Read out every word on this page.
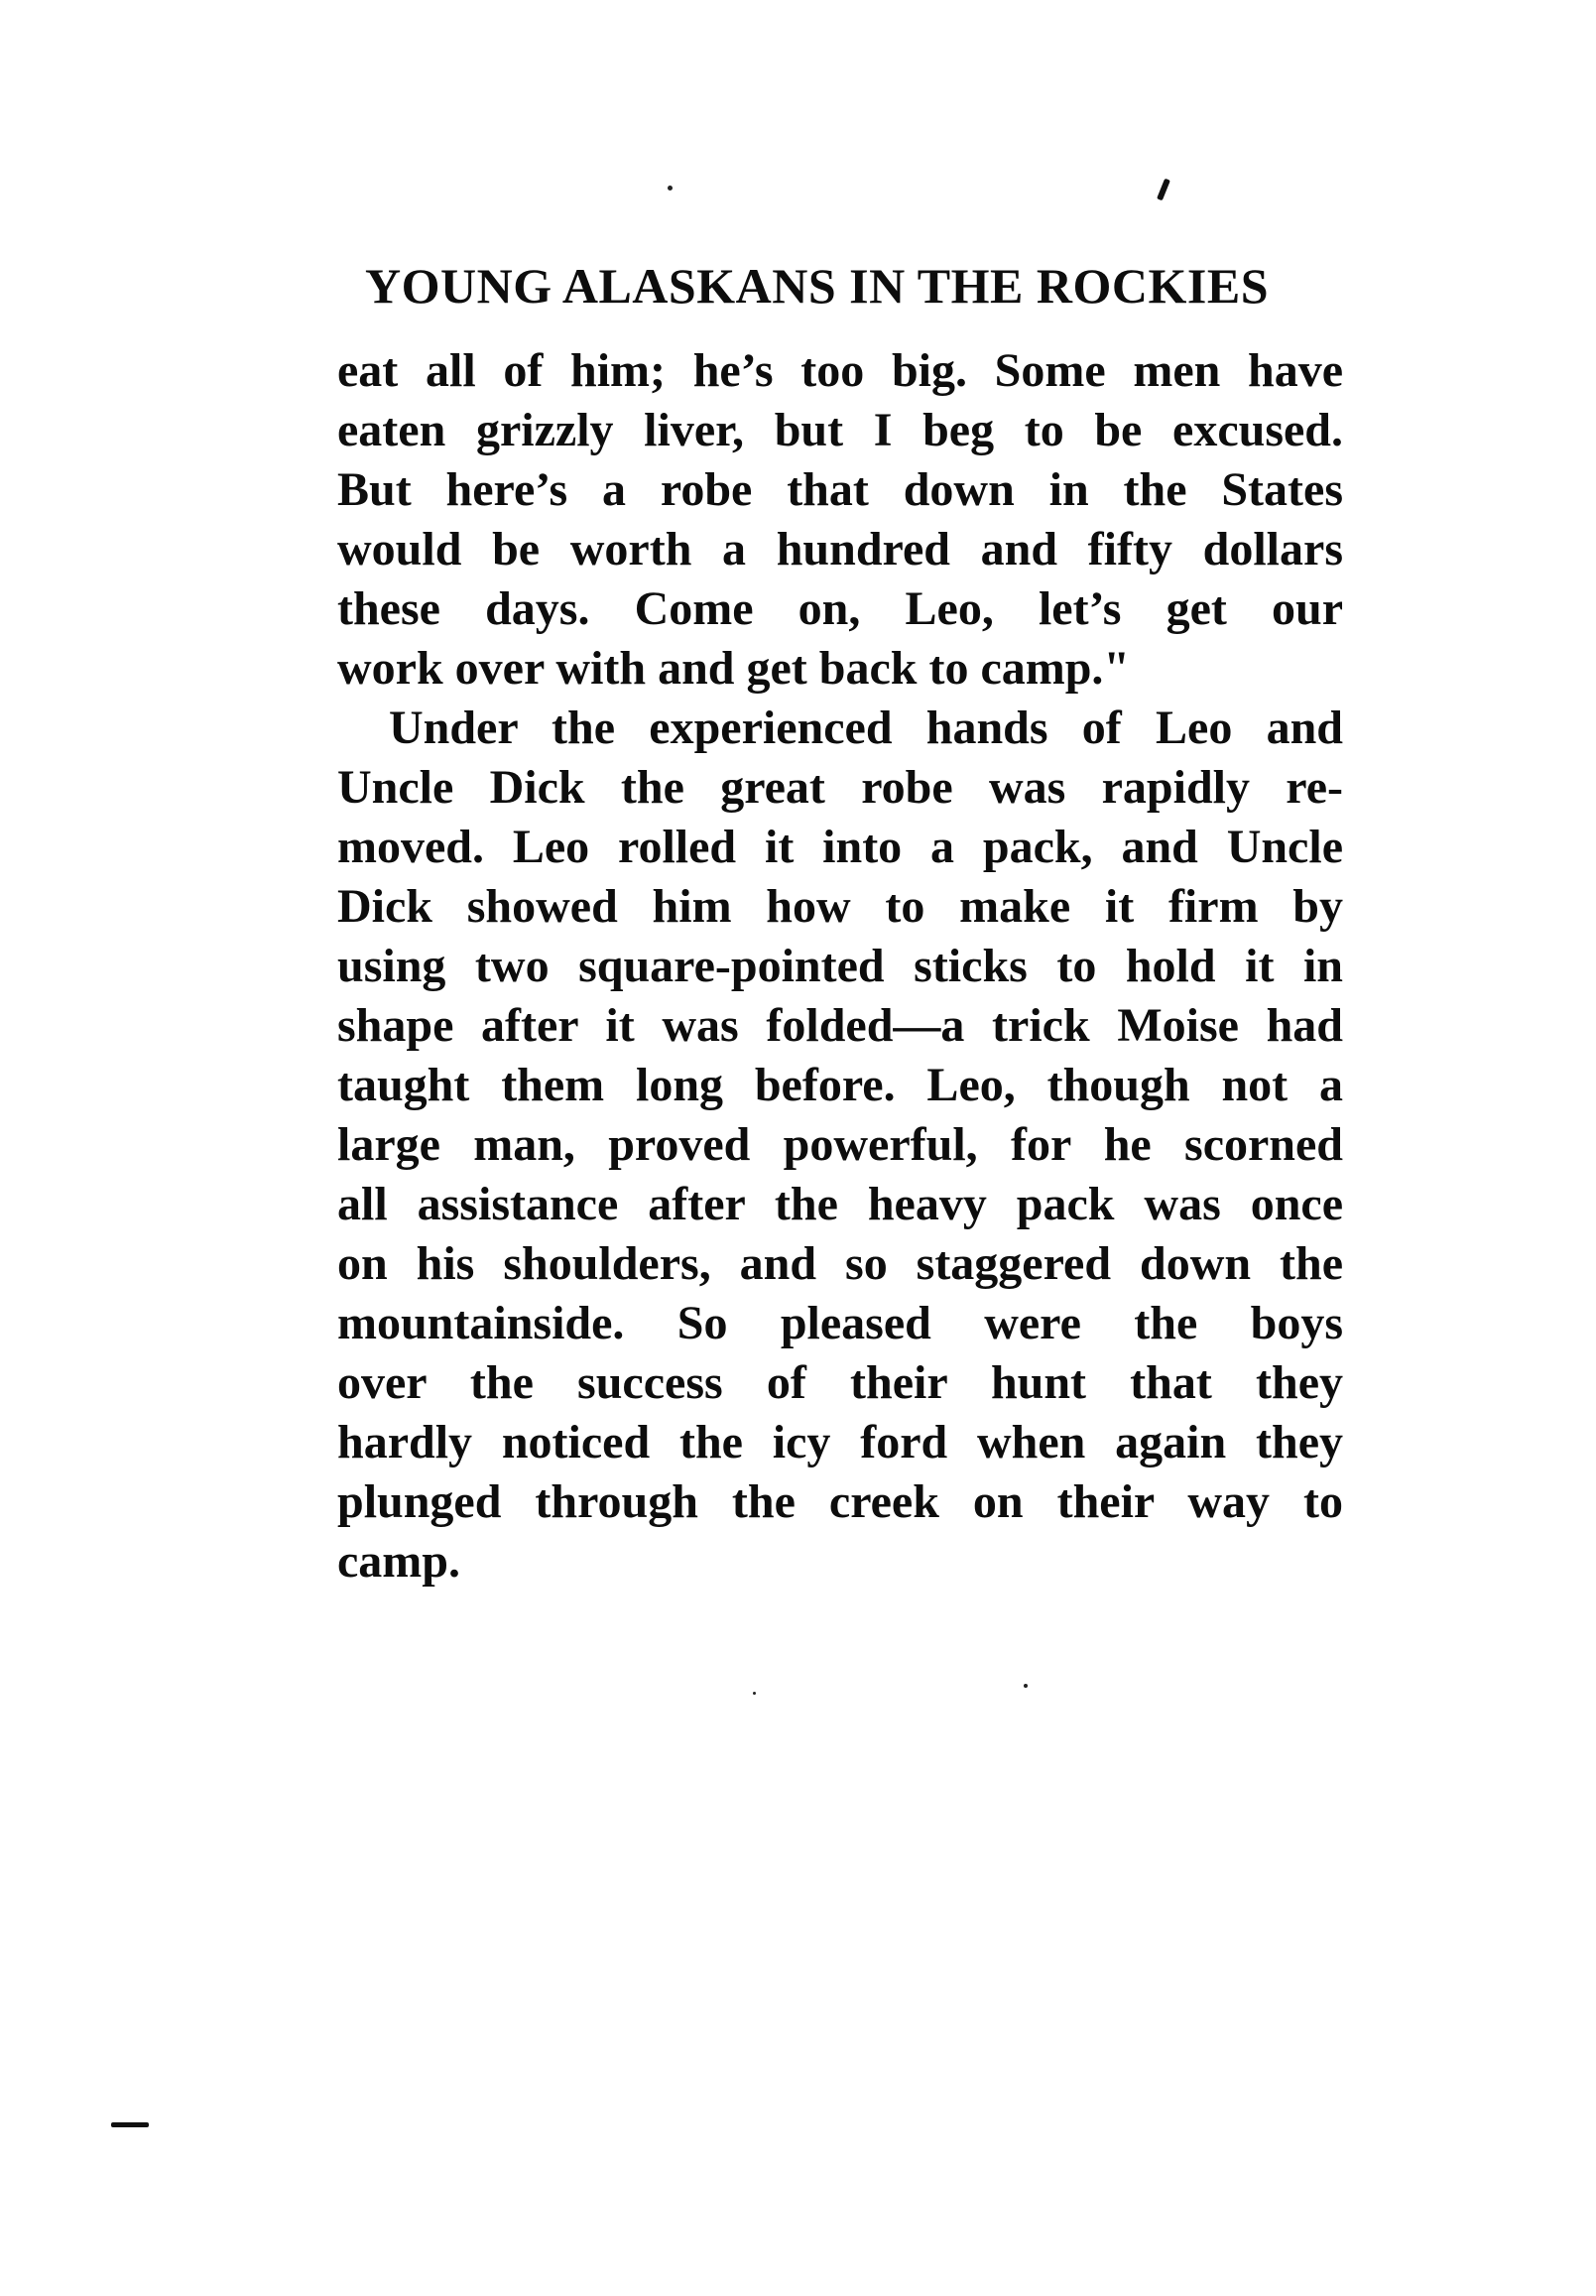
YOUNG ALASKANS IN THE ROCKIES
eat all of him; he’s too big. Some men have
eaten grizzly liver, but I beg to be excused.
But here’s a robe that down in the States
would be worth a hundred and fifty dollars
these days. Come on, Leo, let’s get our
work over with and get back to camp."
Under the experienced hands of Leo and
Uncle Dick the great robe was rapidly re-
moved. Leo rolled it into a pack, and Uncle
Dick showed him how to make it firm by
using two square-pointed sticks to hold it in
shape after it was folded—a trick Moise had
taught them long before. Leo, though not a
large man, proved powerful, for he scorned
all assistance after the heavy pack was once
on his shoulders, and so staggered down the
mountainside. So pleased were the boys
over the success of their hunt that they
hardly noticed the icy ford when again they
plunged through the creek on their way to
camp.
